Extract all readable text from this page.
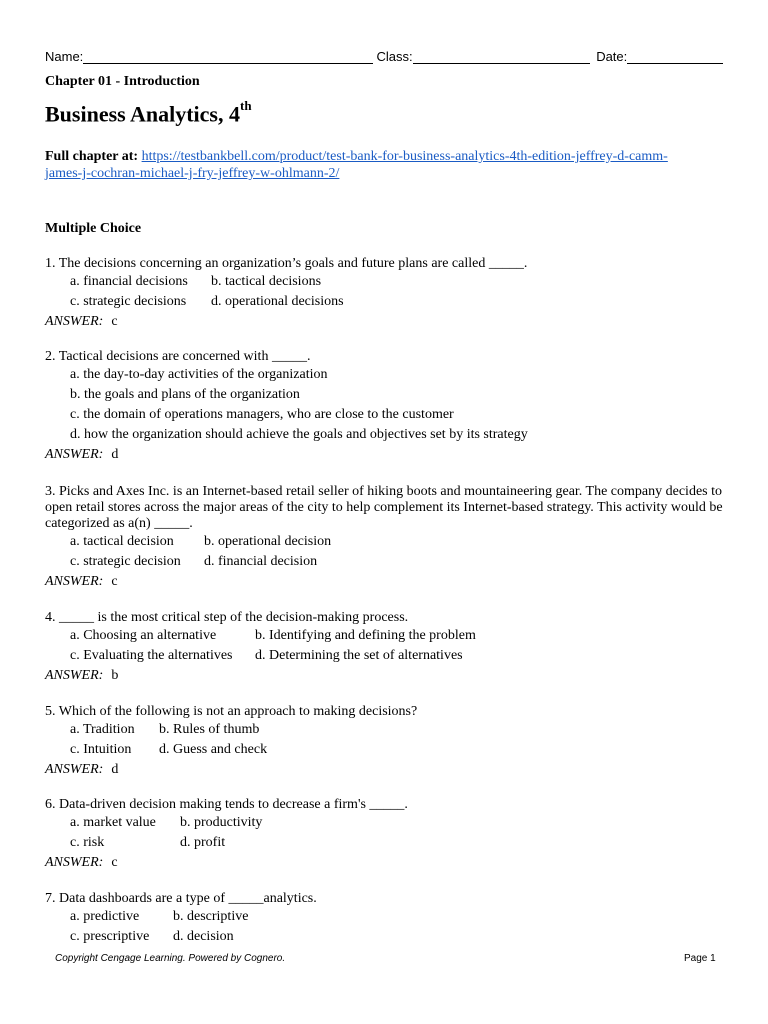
Name:	Class:	Date:
Chapter 01 - Introduction
Business Analytics, 4th
Full chapter at: https://testbankbell.com/product/test-bank-for-business-analytics-4th-edition-jeffrey-d-camm-
james-j-cochran-michael-j-fry-jeffrey-w-ohlmann-2/
Multiple Choice

1. The decisions concerning an organization’s goals and future plans are called _____.

a. financial decisions	b. tactical decisions
c. strategic decisions	d. operational decisions
ANSWER: c

2. Tactical decisions are concerned with _____.

a. the day-to-day activities of the organization
b. the goals and plans of the organization
c. the domain of operations managers, who are close to the customer
d. how the organization should achieve the goals and objectives set by its strategy
ANSWER: d

3. Picks and Axes Inc. is an Internet-based retail seller of hiking boots and mountaineering gear. The company decides to open retail stores across the major areas of the city to help complement its Internet-based strategy. This activity would be categorized as a(n) _____.

a. tactical decision	b. operational decision
c. strategic decision	d. financial decision
ANSWER: c

4. _____ is the most critical step of the decision-making process.

a. Choosing an alternative	b. Identifying and defining the problem
c. Evaluating the alternatives	d. Determining the set of alternatives
ANSWER: b

5. Which of the following is not an approach to making decisions?

a. Tradition	b. Rules of thumb
c. Intuition	d. Guess and check
ANSWER: d

6. Data-driven decision making tends to decrease a firm's _____.

a. market value	b. productivity
c. risk	d. profit
ANSWER: c

7. Data dashboards are a type of _____analytics.

a. predictive	b. descriptive
c. prescriptive	d. decision
Copyright Cengage Learning. Powered by Cognero.	Page 1
